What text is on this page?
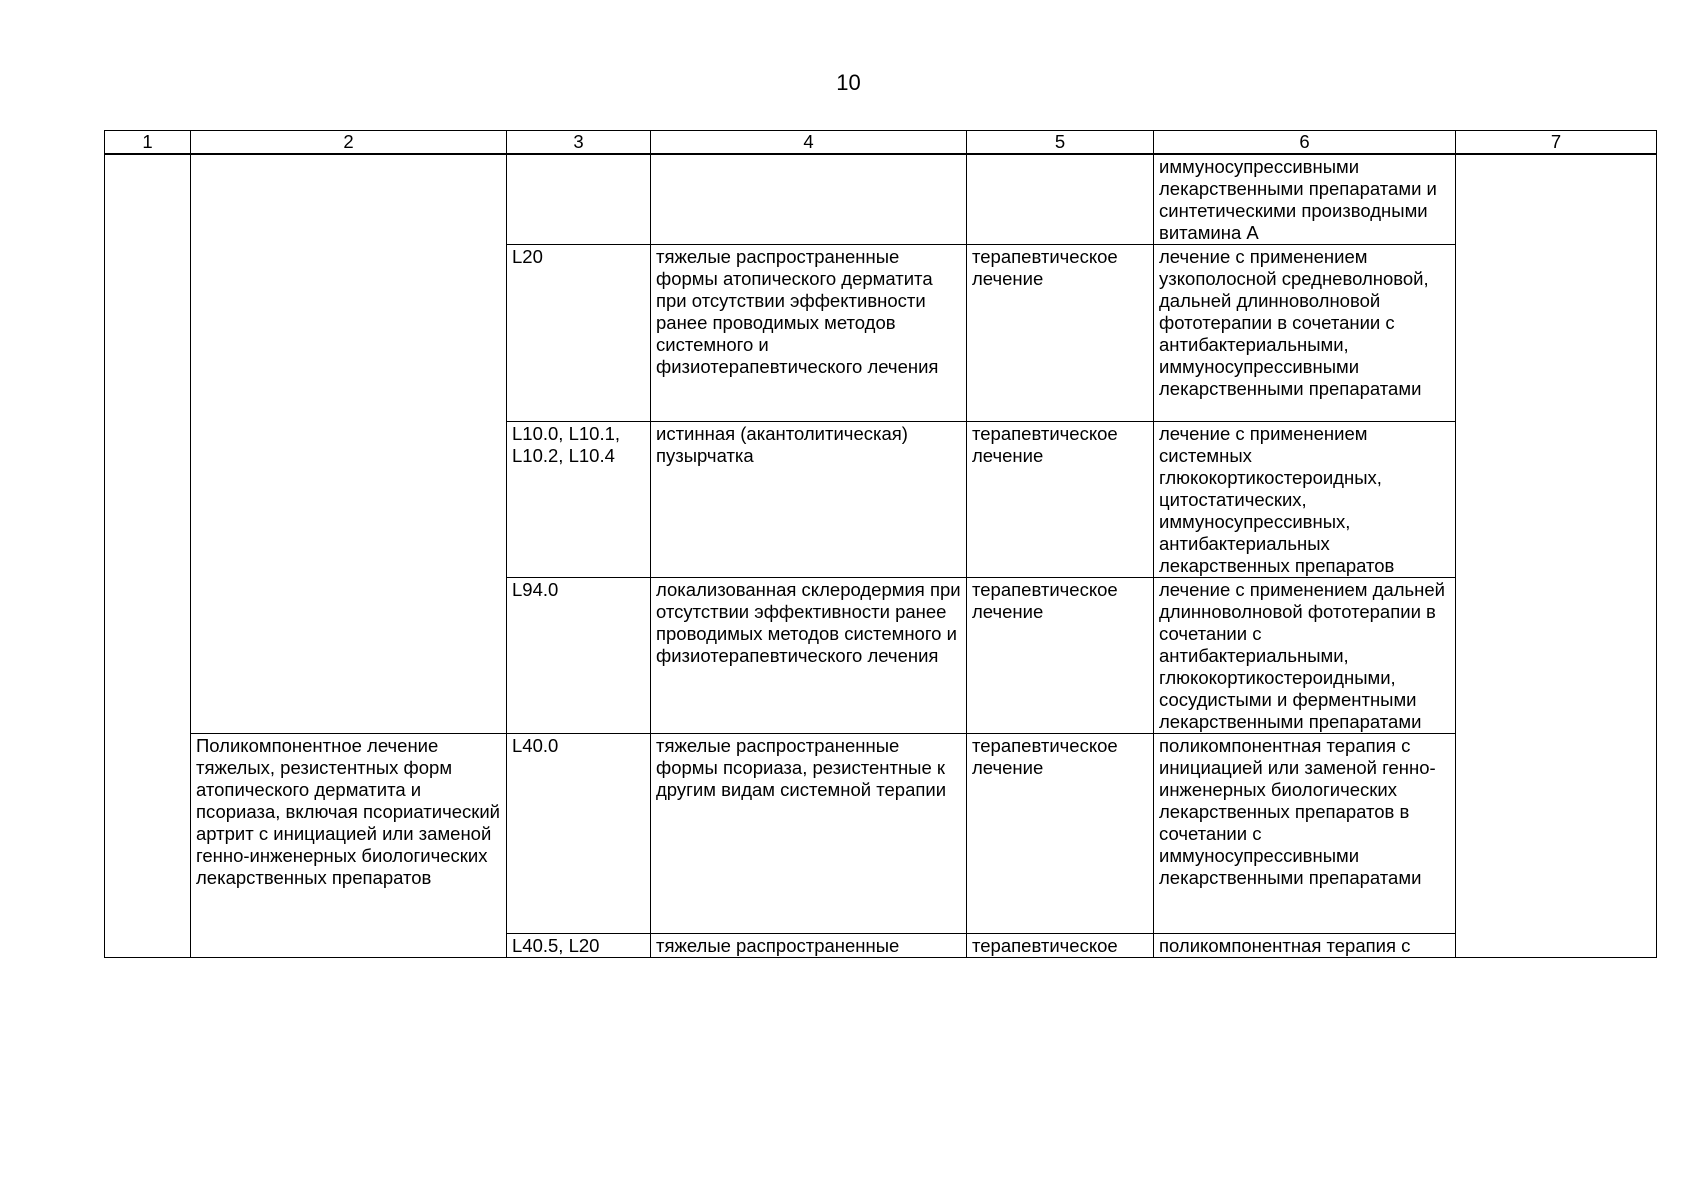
10
1	2	3	4	5	6	7
					иммуносупрессивными лекарственными препаратами и синтетическими производными витамина А	
		L20	тяжелые распространенные формы атопического дерматита при отсутствии эффективности ранее проводимых методов системного и физиотерапевтического лечения	терапевтическое лечение	лечение с применением узкополосной средневолновой, дальней длинноволновой фототерапии в сочетании с антибактериальными, иммуносупрессивными лекарственными препаратами	
		L10.0, L10.1, L10.2, L10.4	истинная (акантолитическая) пузырчатка	терапевтическое лечение	лечение с применением системных глюкокортикостероидных, цитостатических, иммуносупрессивных, антибактериальных лекарственных препаратов	
		L94.0	локализованная склеродермия при отсутствии эффективности ранее проводимых методов системного и физиотерапевтического лечения	терапевтическое лечение	лечение с применением дальней длинноволновой фототерапии в сочетании с антибактериальными, глюкокортикостероидными, сосудистыми и ферментными лекарственными препаратами	
	Поликомпонентное лечение тяжелых, резистентных форм атопического дерматита и псориаза, включая псориатический артрит с инициацией или заменой генно-инженерных биологических лекарственных препаратов	L40.0	тяжелые распространенные формы псориаза, резистентные к другим видам системной терапии	терапевтическое лечение	поликомпонентная терапия с инициацией или заменой генно-инженерных биологических лекарственных препаратов в сочетании с иммуносупрессивными лекарственными препаратами	
		L40.5, L20	тяжелые распространенные	терапевтическое	поликомпонентная терапия с	
